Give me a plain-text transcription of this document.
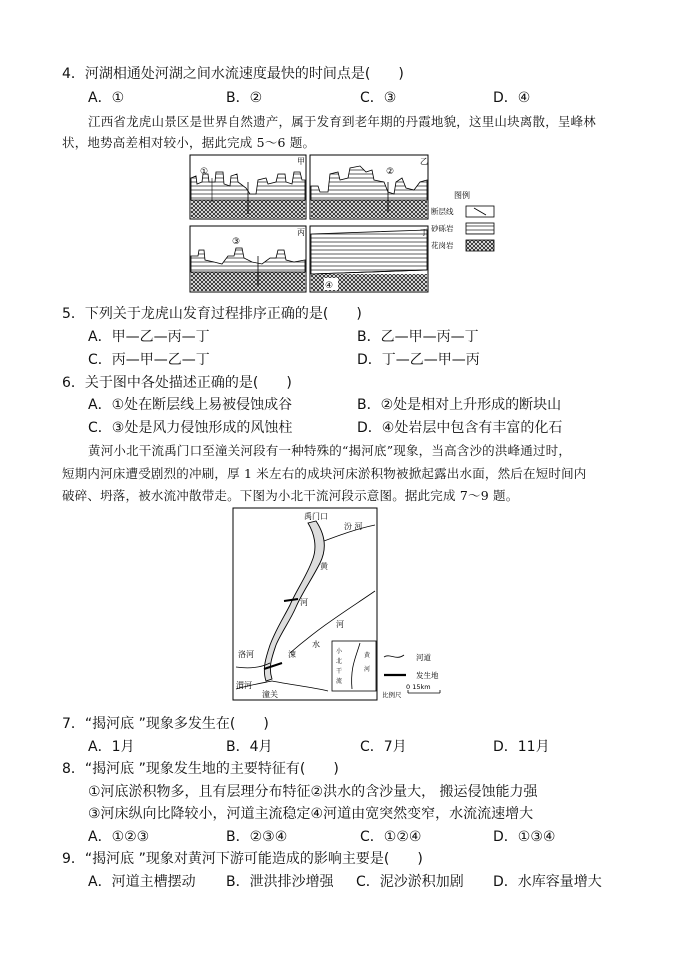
4．河湖相通处河湖之间水流速度最快的时间点是(　　)
A．①	B．②	C．③	D．④
江西省龙虎山景区是世界自然遗产，属于发育到老年期的丹霞地貌，这里山块离散，呈峰林
状，地势高差相对较小，据此完成 5～6 题。
甲
①
乙
②
丙
③
丁
④
图例
断层线
砂砾岩
花岗岩
5．下列关于龙虎山发育过程排序正确的是(　　)
A．甲—乙—丙—丁	B．乙—甲—丙—丁
C．丙—甲—乙—丁	D．丁—乙—甲—丙
6．关于图中各处描述正确的是(　　)
A．①处在断层线上易被侵蚀成谷	B．②处是相对上升形成的断块山
C．③处是风力侵蚀形成的风蚀柱	D．④处岩层中包含有丰富的化石
黄河小北干流禹门口至潼关河段有一种特殊的“揭河底”现象，当高含沙的洪峰通过时，
短期内河床遭受剧烈的冲刷，厚 1 米左右的成块河床淤积物被掀起露出水面，然后在短时间内
破碎、坍落，被水流冲散带走。下图为小北干流河段示意图。据此完成 7～9 题。
禹门口
汾 河
黄
河
河
洛河	涑
水
渭河
潼关
小
北
干
流
黄
河
河道
发生地
比例尺
0 15km
7．“揭河底 ”现象多发生在(　　)
A．1月	B．4月	C．7月	D．11月
8．“揭河底 ”现象发生地的主要特征有(　　)
①河底淤积物多，且有层理分布特征②洪水的含沙量大， 搬运侵蚀能力强
③河床纵向比降较小，河道主流稳定④河道由宽突然变窄，水流流速增大
A．①②③	B．②③④	C．①②④	D．①③④
9．“揭河底 ”现象对黄河下游可能造成的影响主要是(　　)
A．河道主槽摆动 B．泄洪排沙增强 C．泥沙淤积加剧 D．水库容量增大
